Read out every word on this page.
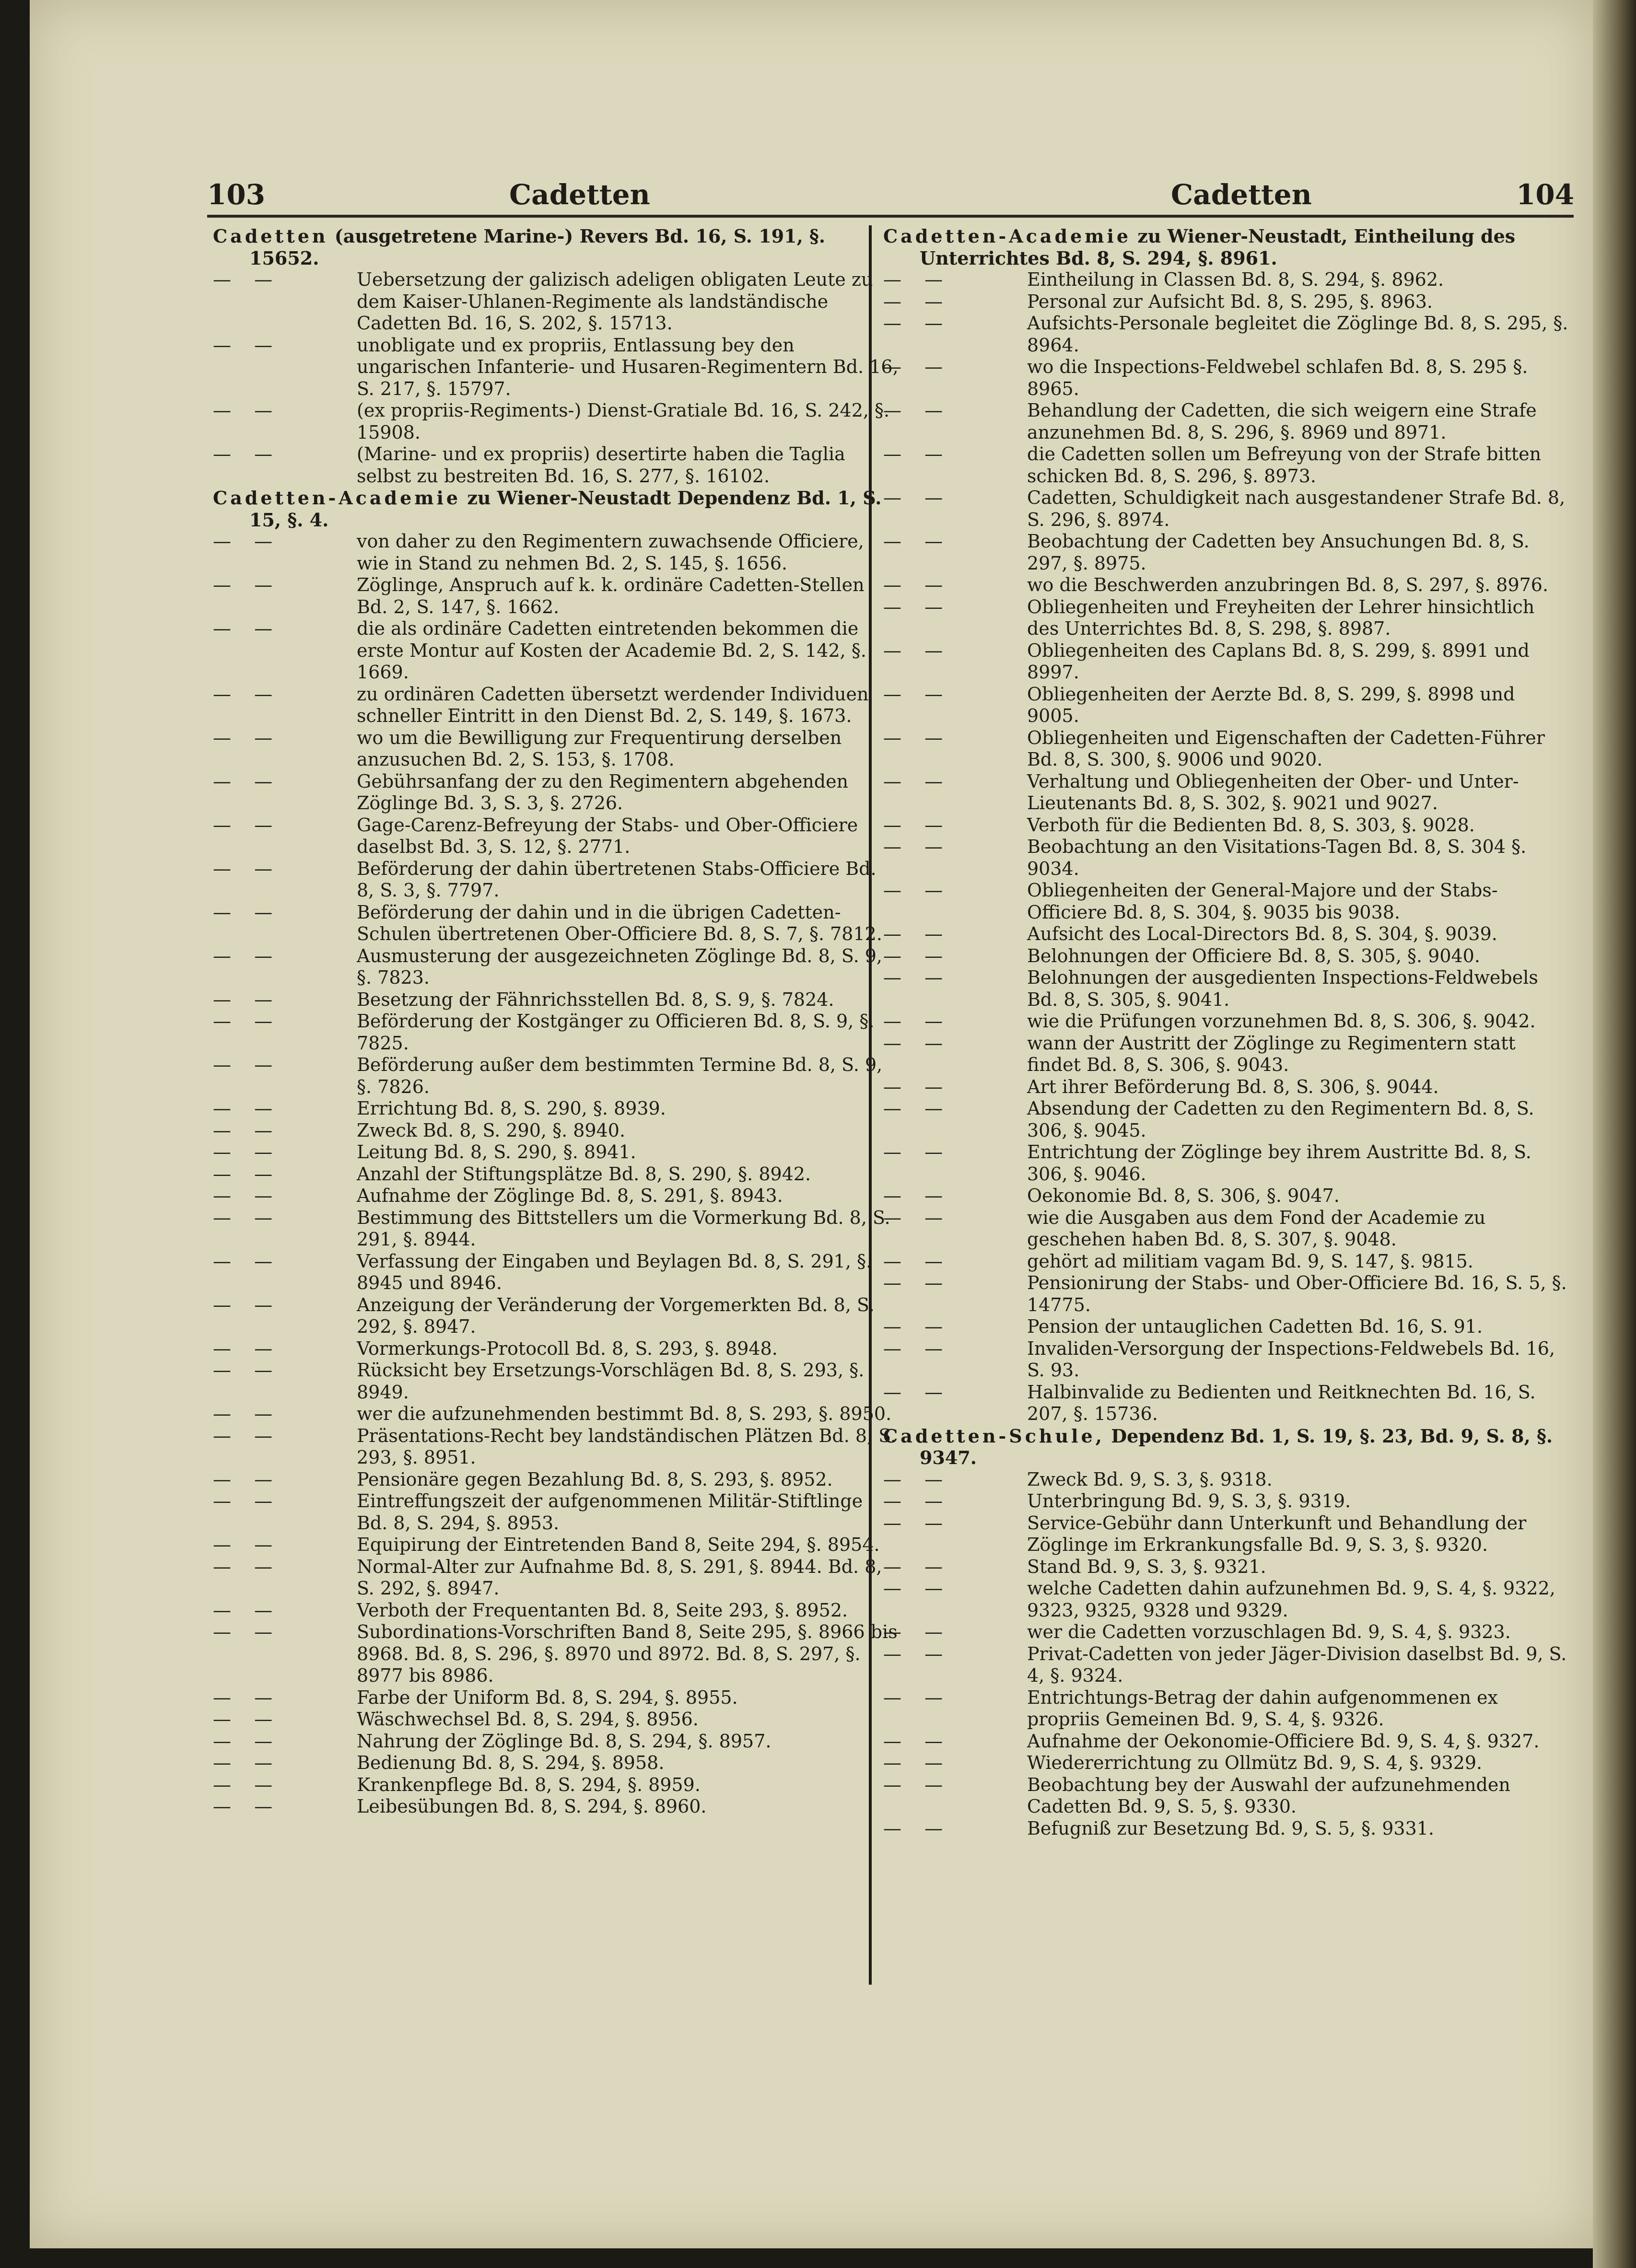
103	Cadetten	Cadetten	104
Cadetten (ausgetretene Marine-) Revers Bd. 16, S. 191, §. 15652.
— —	Uebersetzung der galizisch adeligen obligaten Leute zu dem Kaiser-Uhlanen-Regimente als landständische Cadetten Bd. 16, S. 202, §. 15713.
— —	unobligate und ex propriis, Entlassung bey den ungarischen Infanterie- und Husaren-Regimentern Bd. 16, S. 217, §. 15797.
— —	(ex propriis-Regiments-) Dienst-Gratiale Bd. 16, S. 242, §. 15908.
— —	(Marine- und ex propriis) desertirte haben die Taglia selbst zu bestreiten Bd. 16, S. 277, §. 16102.
Cadetten-Academie zu Wiener-Neustadt Dependenz Bd. 1, S. 15, §. 4.
— —	von daher zu den Regimentern zuwachsende Officiere, wie in Stand zu nehmen Bd. 2, S. 145, §. 1656.
— —	Zöglinge, Anspruch auf k. k. ordinäre Cadetten-Stellen Bd. 2, S. 147, §. 1662.
— —	die als ordinäre Cadetten eintretenden bekommen die erste Montur auf Kosten der Academie Bd. 2, S. 142, §. 1669.
— —	zu ordinären Cadetten übersetzt werdender Individuen schneller Eintritt in den Dienst Bd. 2, S. 149, §. 1673.
— —	wo um die Bewilligung zur Frequentirung derselben anzusuchen Bd. 2, S. 153, §. 1708.
— —	Gebührsanfang der zu den Regimentern abgehenden Zöglinge Bd. 3, S. 3, §. 2726.
— —	Gage-Carenz-Befreyung der Stabs- und Ober-Officiere daselbst Bd. 3, S. 12, §. 2771.
— —	Beförderung der dahin übertretenen Stabs-Officiere Bd. 8, S. 3, §. 7797.
— —	Beförderung der dahin und in die übrigen Cadetten-Schulen übertretenen Ober-Officiere Bd. 8, S. 7, §. 7812.
— —	Ausmusterung der ausgezeichneten Zöglinge Bd. 8, S. 9, §. 7823.
— —	Besetzung der Fähnrichsstellen Bd. 8, S. 9, §. 7824.
— —	Beförderung der Kostgänger zu Officieren Bd. 8, S. 9, §. 7825.
— —	Beförderung außer dem bestimmten Termine Bd. 8, S. 9, §. 7826.
— —	Errichtung Bd. 8, S. 290, §. 8939.
— —	Zweck Bd. 8, S. 290, §. 8940.
— —	Leitung Bd. 8, S. 290, §. 8941.
— —	Anzahl der Stiftungsplätze Bd. 8, S. 290, §. 8942.
— —	Aufnahme der Zöglinge Bd. 8, S. 291, §. 8943.
— —	Bestimmung des Bittstellers um die Vormerkung Bd. 8, S. 291, §. 8944.
— —	Verfassung der Eingaben und Beylagen Bd. 8, S. 291, §. 8945 und 8946.
— —	Anzeigung der Veränderung der Vorgemerkten Bd. 8, S. 292, §. 8947.
— —	Vormerkungs-Protocoll Bd. 8, S. 293, §. 8948.
— —	Rücksicht bey Ersetzungs-Vorschlägen Bd. 8, S. 293, §. 8949.
— —	wer die aufzunehmenden bestimmt Bd. 8, S. 293, §. 8950.
— —	Präsentations-Recht bey landständischen Plätzen Bd. 8, S. 293, §. 8951.
— —	Pensionäre gegen Bezahlung Bd. 8, S. 293, §. 8952.
— —	Eintreffungszeit der aufgenommenen Militär-Stiftlinge Bd. 8, S. 294, §. 8953.
— —	Equipirung der Eintretenden Band 8, Seite 294, §. 8954.
— —	Normal-Alter zur Aufnahme Bd. 8, S. 291, §. 8944. Bd. 8, S. 292, §. 8947.
— —	Verboth der Frequentanten Bd. 8, Seite 293, §. 8952.
— —	Subordinations-Vorschriften Band 8, Seite 295, §. 8966 bis 8968. Bd. 8, S. 296, §. 8970 und 8972. Bd. 8, S. 297, §. 8977 bis 8986.
— —	Farbe der Uniform Bd. 8, S. 294, §. 8955.
— —	Wäschwechsel Bd. 8, S. 294, §. 8956.
— —	Nahrung der Zöglinge Bd. 8, S. 294, §. 8957.
— —	Bedienung Bd. 8, S. 294, §. 8958.
— —	Krankenpflege Bd. 8, S. 294, §. 8959.
— —	Leibesübungen Bd. 8, S. 294, §. 8960.
Cadetten-Academie zu Wiener-Neustadt, Eintheilung des Unterrichtes Bd. 8, S. 294, §. 8961.
— —	Eintheilung in Classen Bd. 8, S. 294, §. 8962.
— —	Personal zur Aufsicht Bd. 8, S. 295, §. 8963.
— —	Aufsichts-Personale begleitet die Zöglinge Bd. 8, S. 295, §. 8964.
— —	wo die Inspections-Feldwebel schlafen Bd. 8, S. 295 §. 8965.
— —	Behandlung der Cadetten, die sich weigern eine Strafe anzunehmen Bd. 8, S. 296, §. 8969 und 8971.
— —	die Cadetten sollen um Befreyung von der Strafe bitten schicken Bd. 8, S. 296, §. 8973.
— —	Cadetten, Schuldigkeit nach ausgestandener Strafe Bd. 8, S. 296, §. 8974.
— —	Beobachtung der Cadetten bey Ansuchungen Bd. 8, S. 297, §. 8975.
— —	wo die Beschwerden anzubringen Bd. 8, S. 297, §. 8976.
— —	Obliegenheiten und Freyheiten der Lehrer hinsichtlich des Unterrichtes Bd. 8, S. 298, §. 8987.
— —	Obliegenheiten des Caplans Bd. 8, S. 299, §. 8991 und 8997.
— —	Obliegenheiten der Aerzte Bd. 8, S. 299, §. 8998 und 9005.
— —	Obliegenheiten und Eigenschaften der Cadetten-Führer Bd. 8, S. 300, §. 9006 und 9020.
— —	Verhaltung und Obliegenheiten der Ober- und Unter-Lieutenants Bd. 8, S. 302, §. 9021 und 9027.
— —	Verboth für die Bedienten Bd. 8, S. 303, §. 9028.
— —	Beobachtung an den Visitations-Tagen Bd. 8, S. 304 §. 9034.
— —	Obliegenheiten der General-Majore und der Stabs-Officiere Bd. 8, S. 304, §. 9035 bis 9038.
— —	Aufsicht des Local-Directors Bd. 8, S. 304, §. 9039.
— —	Belohnungen der Officiere Bd. 8, S. 305, §. 9040.
— —	Belohnungen der ausgedienten Inspections-Feldwebels Bd. 8, S. 305, §. 9041.
— —	wie die Prüfungen vorzunehmen Bd. 8, S. 306, §. 9042.
— —	wann der Austritt der Zöglinge zu Regimentern statt findet Bd. 8, S. 306, §. 9043.
— —	Art ihrer Beförderung Bd. 8, S. 306, §. 9044.
— —	Absendung der Cadetten zu den Regimentern Bd. 8, S. 306, §. 9045.
— —	Entrichtung der Zöglinge bey ihrem Austritte Bd. 8, S. 306, §. 9046.
— —	Oekonomie Bd. 8, S. 306, §. 9047.
— —	wie die Ausgaben aus dem Fond der Academie zu geschehen haben Bd. 8, S. 307, §. 9048.
— —	gehört ad militiam vagam Bd. 9, S. 147, §. 9815.
— —	Pensionirung der Stabs- und Ober-Officiere Bd. 16, S. 5, §. 14775.
— —	Pension der untauglichen Cadetten Bd. 16, S. 91.
— —	Invaliden-Versorgung der Inspections-Feldwebels Bd. 16, S. 93.
— —	Halbinvalide zu Bedienten und Reitknechten Bd. 16, S. 207, §. 15736.
Cadetten-Schule, Dependenz Bd. 1, S. 19, §. 23, Bd. 9, S. 8, §. 9347.
— —	Zweck Bd. 9, S. 3, §. 9318.
— —	Unterbringung Bd. 9, S. 3, §. 9319.
— —	Service-Gebühr dann Unterkunft und Behandlung der Zöglinge im Erkrankungsfalle Bd. 9, S. 3, §. 9320.
— —	Stand Bd. 9, S. 3, §. 9321.
— —	welche Cadetten dahin aufzunehmen Bd. 9, S. 4, §. 9322, 9323, 9325, 9328 und 9329.
— —	wer die Cadetten vorzuschlagen Bd. 9, S. 4, §. 9323.
— —	Privat-Cadetten von jeder Jäger-Division daselbst Bd. 9, S. 4, §. 9324.
— —	Entrichtungs-Betrag der dahin aufgenommenen ex propriis Gemeinen Bd. 9, S. 4, §. 9326.
— —	Aufnahme der Oekonomie-Officiere Bd. 9, S. 4, §. 9327.
— —	Wiedererrichtung zu Ollmütz Bd. 9, S. 4, §. 9329.
— —	Beobachtung bey der Auswahl der aufzunehmenden Cadetten Bd. 9, S. 5, §. 9330.
— —	Befugniß zur Besetzung Bd. 9, S. 5, §. 9331.
